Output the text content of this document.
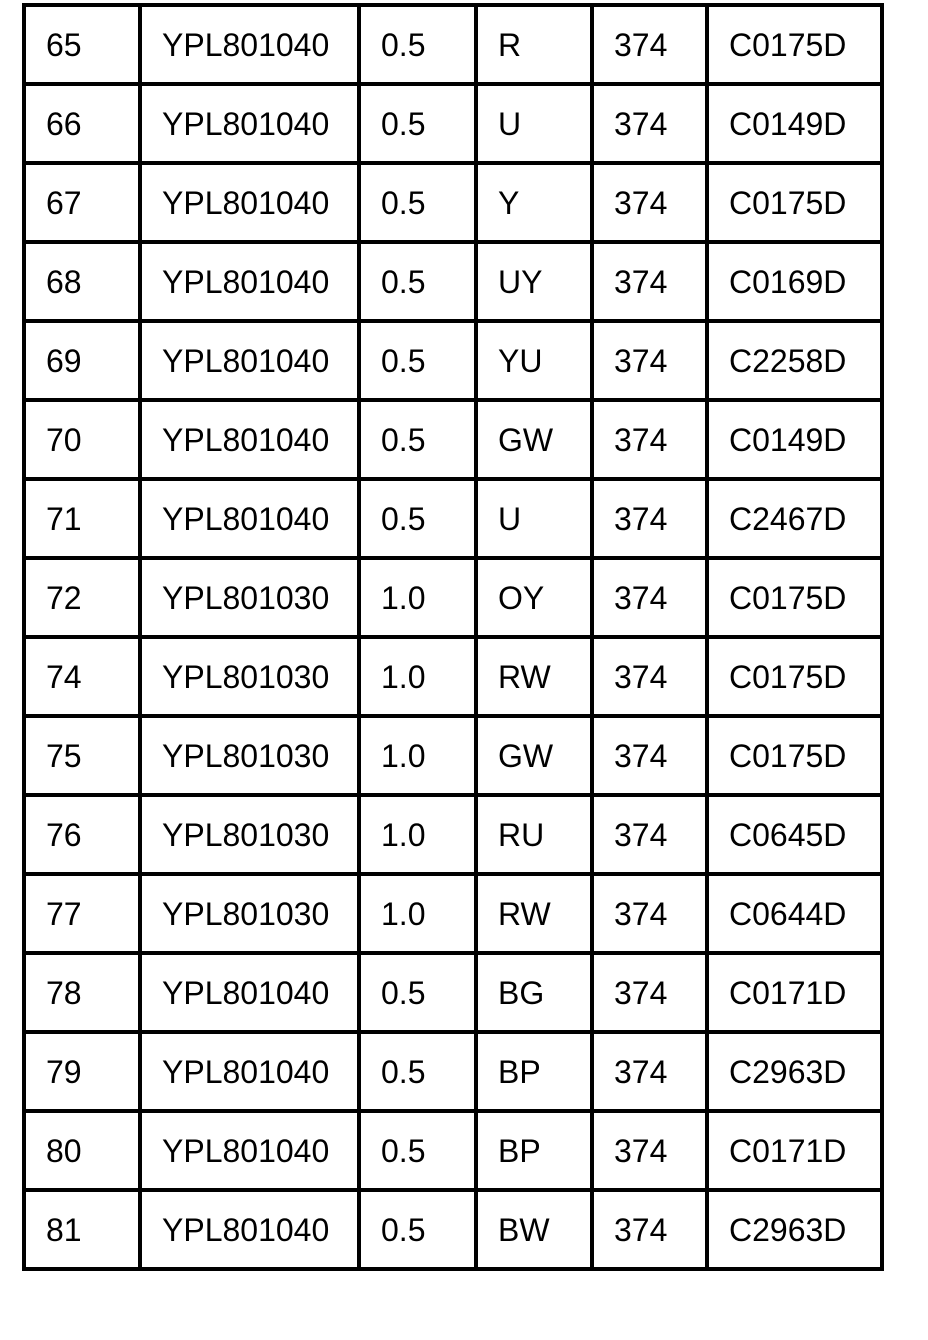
65	YPL801040	0.5	R	374	C0175D
66	YPL801040	0.5	U	374	C0149D
67	YPL801040	0.5	Y	374	C0175D
68	YPL801040	0.5	UY	374	C0169D
69	YPL801040	0.5	YU	374	C2258D
70	YPL801040	0.5	GW	374	C0149D
71	YPL801040	0.5	U	374	C2467D
72	YPL801030	1.0	OY	374	C0175D
74	YPL801030	1.0	RW	374	C0175D
75	YPL801030	1.0	GW	374	C0175D
76	YPL801030	1.0	RU	374	C0645D
77	YPL801030	1.0	RW	374	C0644D
78	YPL801040	0.5	BG	374	C0171D
79	YPL801040	0.5	BP	374	C2963D
80	YPL801040	0.5	BP	374	C0171D
81	YPL801040	0.5	BW	374	C2963D
